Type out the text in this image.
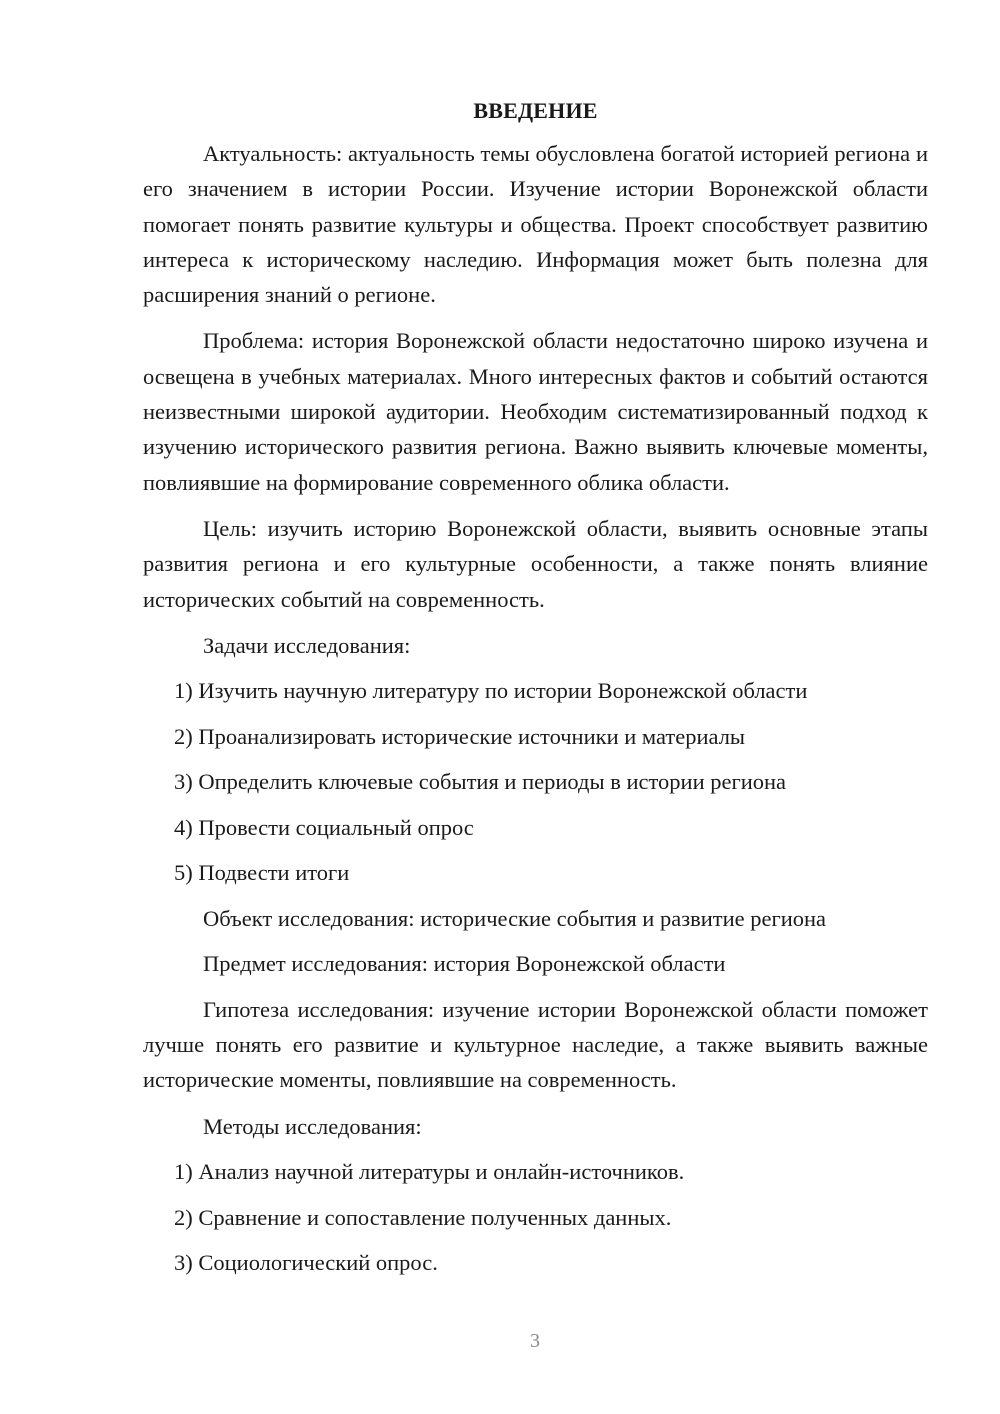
ВВЕДЕНИЕ

Актуальность: актуальность темы обусловлена богатой историей региона и его значением в истории России. Изучение истории Воронежской области помогает понять развитие культуры и общества. Проект способствует развитию интереса к историческому наследию. Информация может быть полезна для расширения знаний о регионе.

Проблема: история Воронежской области недостаточно широко изучена и освещена в учебных материалах. Много интересных фактов и событий остаются неизвестными широкой аудитории. Необходим систематизированный подход к изучению исторического развития региона. Важно выявить ключевые моменты, повлиявшие на формирование современного облика области.

Цель: изучить историю Воронежской области, выявить основные этапы развития региона и его культурные особенности, а также понять влияние исторических событий на современность.

Задачи исследования:
1) Изучить научную литературу по истории Воронежской области
2) Проанализировать исторические источники и материалы
3) Определить ключевые события и периоды в истории региона
4) Провести социальный опрос
5) Подвести итоги
Объект исследования: исторические события и развитие региона
Предмет исследования: история Воронежской области

Гипотеза исследования: изучение истории Воронежской области поможет лучше понять его развитие и культурное наследие, а также выявить важные исторические моменты, повлиявшие на современность.

Методы исследования:
1) Анализ научной литературы и онлайн-источников.
2) Сравнение и сопоставление полученных данных.
3) Социологический опрос.
3
